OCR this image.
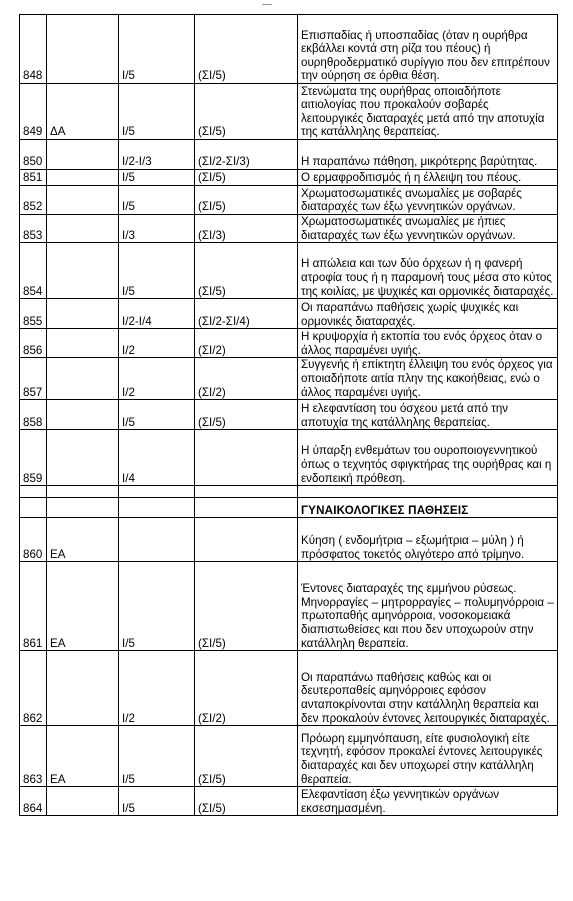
848		I/5	(ΣI/5)	Επισπαδίας ή υποσπαδίας (όταν η ουρήθρα εκβάλλει κοντά στη ρίζα του πέους) ή ουρηθροδερματικό συρίγγιο που δεν επιτρέπουν την ούρηση σε όρθια θέση.
849	ΔΑ	I/5	(ΣI/5)	Στενώματα της ουρήθρας οποιαδήποτε αιτιολογίας που προκαλούν σοβαρές λειτουργικές διαταραχές μετά από την αποτυχία της κατάλληλης θεραπείας.
850		I/2-I/3	(ΣI/2-ΣI/3)	Η παραπάνω πάθηση, μικρότερης βαρύτητας.
851		I/5	(ΣI/5)	Ο ερμαφροδιτισμός ή η έλλειψη του πέους.
852		I/5	(ΣI/5)	Χρωματοσωματικές ανωμαλίες με σοβαρές διαταραχές των έξω γεννητικών οργάνων.
853		I/3	(ΣI/3)	Χρωματοσωματικές ανωμαλίες με ήπιες διαταραχές των έξω γεννητικών οργάνων.
854		I/5	(ΣI/5)	Η απώλεια και των δύο όρχεων ή η φανερή ατροφία τους ή η παραμονή τους μέσα στο κύτος της κοιλίας, με ψυχικές και ορμονικές διαταραχές.
855		I/2-I/4	(ΣI/2-ΣI/4)	Οι παραπάνω παθήσεις χωρίς ψυχικές και ορμονικές διαταραχές.
856		I/2	(ΣI/2)	Η κρυψορχία ή εκτοπία του ενός όρχεος όταν ο άλλος παραμένει υγιής.
857		I/2	(ΣI/2)	Συγγενής ή επίκτητη έλλειψη του ενός όρχεος για οποιαδήποτε αιτία πλην της κακοήθειας, ενώ ο άλλος παραμένει υγιής.
858		I/5	(ΣI/5)	Η ελεφαντίαση του όσχεου μετά από την αποτυχία της κατάλληλης θεραπείας.
859		I/4		Η ύπαρξη ενθεμάτων του ουροποιογεννητικού όπως ο τεχνητός σφιγκτήρας της ουρήθρας και η ενδοπεική πρόθεση.

				ΓΥΝΑΙΚΟΛΟΓΙΚΕΣ ΠΑΘΗΣΕΙΣ
860	ΕΑ			Κύηση ( ενδομήτρια – εξωμήτρια – μύλη ) ή πρόσφατος τοκετός ολιγότερο από τρίμηνο.
861	ΕΑ	I/5	(ΣI/5)	Έντονες διαταραχές της εμμήνου ρύσεως. Μηνορραγίες – μητρορραγίες – πολυμηνόρροια – πρωτοπαθής αμηνόρροια, νοσοκομειακά διαπιστωθείσες και που δεν υποχωρούν στην κατάλληλη θεραπεία.
862		I/2	(ΣI/2)	Οι παραπάνω παθήσεις καθώς και οι δευτεροπαθείς αμηνόρροιες εφόσον ανταποκρίνονται στην κατάλληλη θεραπεία και δεν προκαλούν έντονες λειτουργικές διαταραχές.
863	ΕΑ	I/5	(ΣI/5)	Πρόωρη εμμηνόπαυση, είτε φυσιολογική είτε τεχνητή, εφόσον προκαλεί έντονες λειτουργικές διαταραχές και δεν υποχωρεί στην κατάλληλη θεραπεία.
864		I/5	(ΣI/5)	Ελεφαντίαση έξω γεννητικών οργάνων εκσεσημασμένη.
